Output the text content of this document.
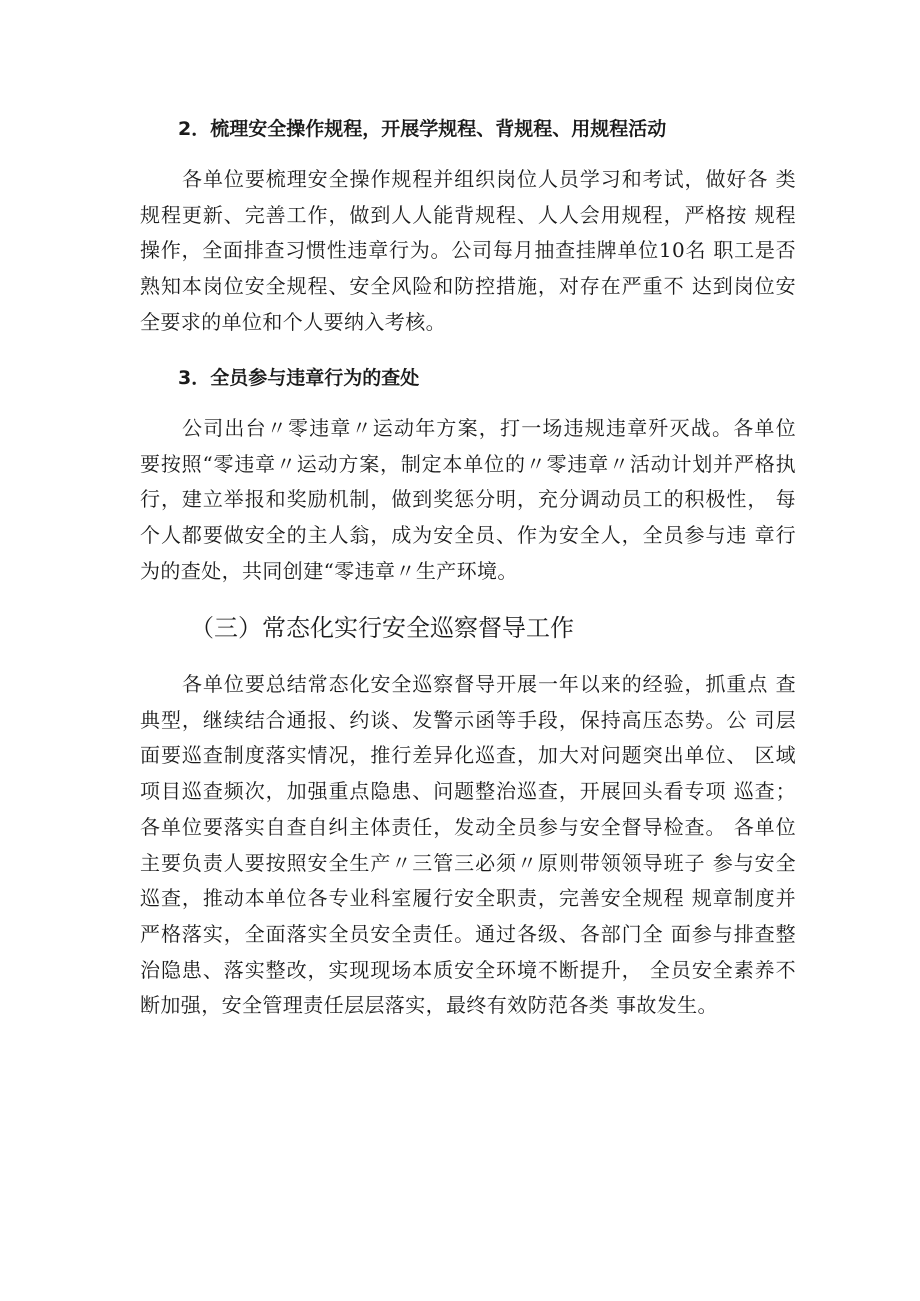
2．梳理安全操作规程，开展学规程、背规程、用规程活动

各单位要梳理安全操作规程并组织岗位人员学习和考试，做好各 类规程更新、完善工作，做到人人能背规程、人人会用规程，严格按 规程操作，全面排查习惯性违章行为。公司每月抽查挂牌单位10名 职工是否熟知本岗位安全规程、安全风险和防控措施，对存在严重不 达到岗位安全要求的单位和个人要纳入考核。

3．全员参与违章行为的查处

公司出台〃零违章〃运动年方案，打一场违规违章歼灭战。各单位 要按照“零违章〃运动方案，制定本单位的〃零违章〃活动计划并严格执 行，建立举报和奖励机制，做到奖惩分明，充分调动员工的积极性， 每个人都要做安全的主人翁，成为安全员、作为安全人，全员参与违 章行为的查处，共同创建“零违章〃生产环境。

（三）常态化实行安全巡察督导工作

各单位要总结常态化安全巡察督导开展一年以来的经验，抓重点 查典型，继续结合通报、约谈、发警示函等手段，保持高压态势。公 司层面要巡查制度落实情况，推行差异化巡查，加大对问题突出单位、 区域项目巡查频次，加强重点隐患、问题整治巡查，开展回头看专项 巡查；各单位要落实自查自纠主体责任，发动全员参与安全督导检查。 各单位主要负责人要按照安全生产〃三管三必须〃原则带领领导班子 参与安全巡查，推动本单位各专业科室履行安全职责，完善安全规程 规章制度并严格落实，全面落实全员安全责任。通过各级、各部门全 面参与排查整治隐患、落实整改，实现现场本质安全环境不断提升， 全员安全素养不断加强，安全管理责任层层落实，最终有效防范各类 事故发生。
